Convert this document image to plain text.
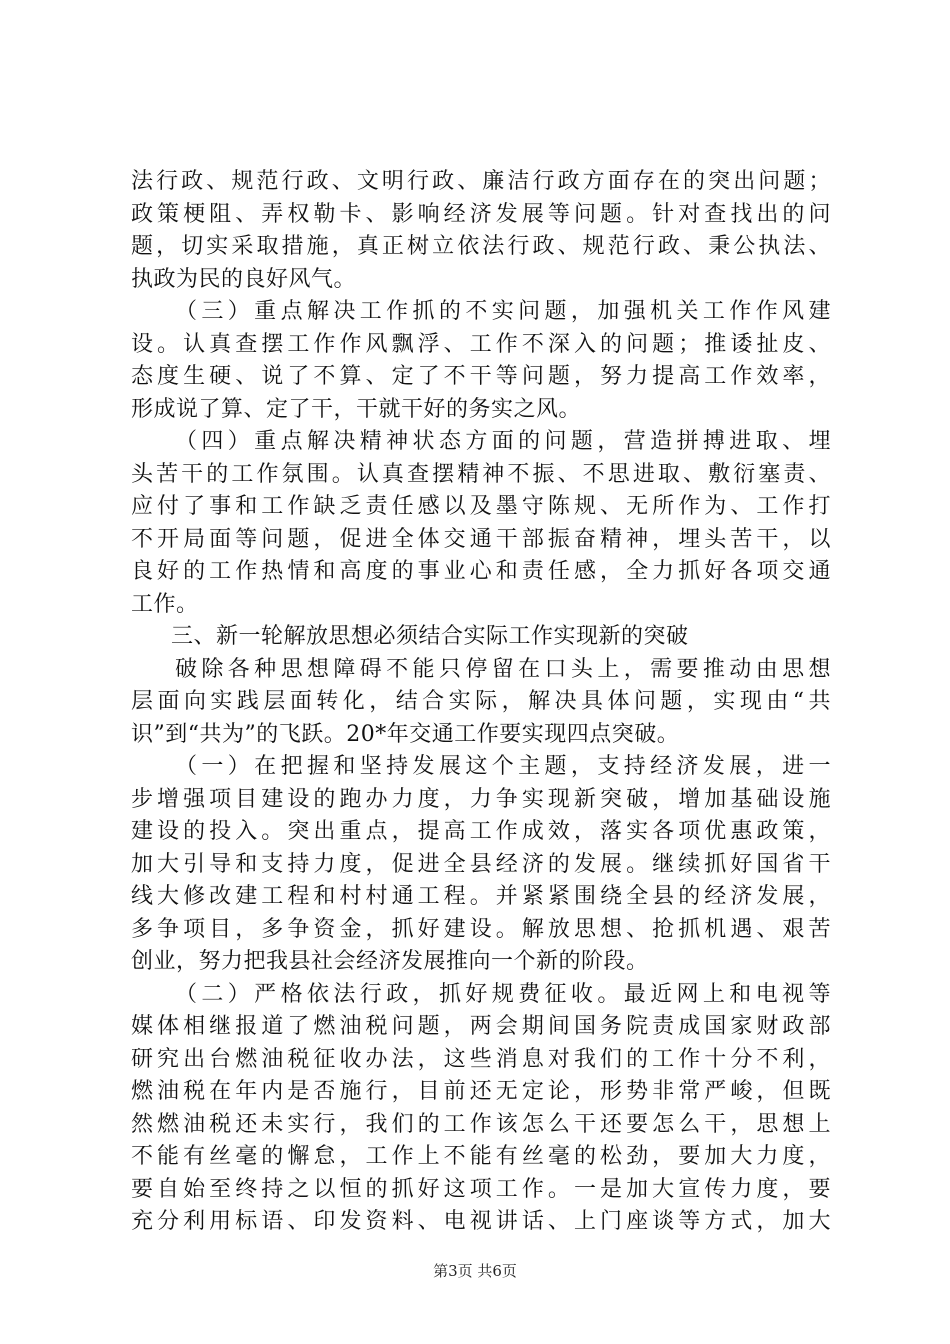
法行政、规范行政、文明行政、廉洁行政方面存在的突出问题；
政策梗阻、弄权勒卡、影响经济发展等问题。针对查找出的问
题，切实采取措施，真正树立依法行政、规范行政、秉公执法、
执政为民的良好风气。
（三）重点解决工作抓的不实问题，加强机关工作作风建
设。认真查摆工作作风飘浮、工作不深入的问题；推诿扯皮、
态度生硬、说了不算、定了不干等问题，努力提高工作效率，
形成说了算、定了干，干就干好的务实之风。
（四）重点解决精神状态方面的问题，营造拼搏进取、埋
头苦干的工作氛围。认真查摆精神不振、不思进取、敷衍塞责、
应付了事和工作缺乏责任感以及墨守陈规、无所作为、工作打
不开局面等问题，促进全体交通干部振奋精神，埋头苦干，以
良好的工作热情和高度的事业心和责任感，全力抓好各项交通
工作。
三、新一轮解放思想必须结合实际工作实现新的突破
破除各种思想障碍不能只停留在口头上，需要推动由思想
层面向实践层面转化，结合实际，解决具体问题，实现由“共
识”到“共为”的飞跃。20*年交通工作要实现四点突破。
（一）在把握和坚持发展这个主题，支持经济发展，进一
步增强项目建设的跑办力度，力争实现新突破，增加基础设施
建设的投入。突出重点，提高工作成效，落实各项优惠政策，
加大引导和支持力度，促进全县经济的发展。继续抓好国省干
线大修改建工程和村村通工程。并紧紧围绕全县的经济发展，
多争项目，多争资金，抓好建设。解放思想、抢抓机遇、艰苦
创业，努力把我县社会经济发展推向一个新的阶段。
（二）严格依法行政，抓好规费征收。最近网上和电视等
媒体相继报道了燃油税问题，两会期间国务院责成国家财政部
研究出台燃油税征收办法，这些消息对我们的工作十分不利，
燃油税在年内是否施行，目前还无定论，形势非常严峻，但既
然燃油税还未实行，我们的工作该怎么干还要怎么干，思想上
不能有丝毫的懈怠，工作上不能有丝毫的松劲，要加大力度，
要自始至终持之以恒的抓好这项工作。一是加大宣传力度，要
充分利用标语、印发资料、电视讲话、上门座谈等方式，加大
第3页 共6页
